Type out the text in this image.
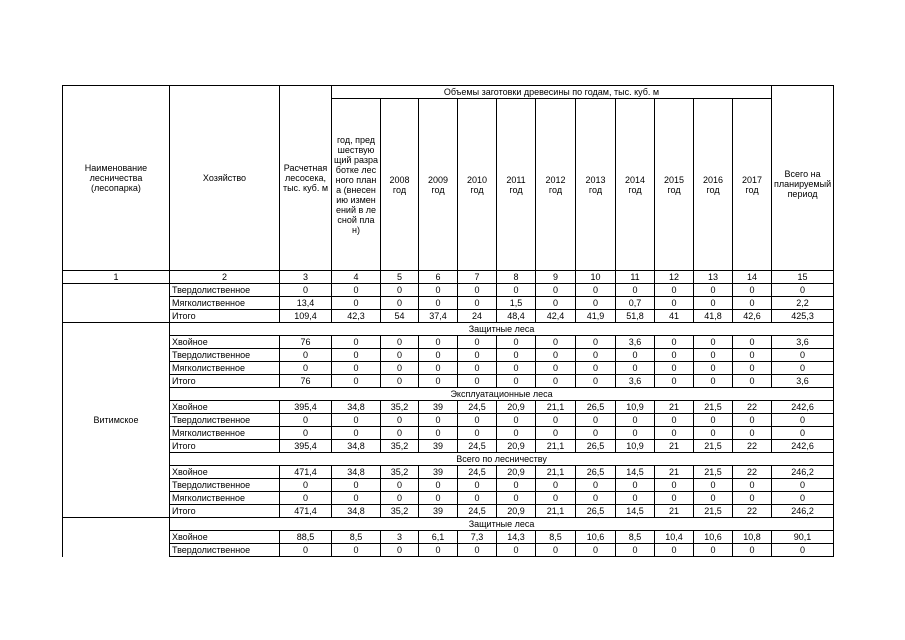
Наименование лесничества (лесопарка)	Хозяйство	Расчетная лесосека, тыс. куб. м	Объемы заготовки древесины по годам, тыс. куб. м											
			год, предшествующий разработке лесного плана (внесению изменений в лесной план)	2008 год	2009 год	2010 год	2011 год	2012 год	2013 год	2014 год	2015 год	2016 год	2017 год	Всего на планируемый период
1	2	3	4	5	6	7	8	9	10	11	12	13	14	15
	Твердолиственное	0	0	0	0	0	0	0	0	0	0	0	0	0
	Мягколиственное	13,4	0	0	0	0	1,5	0	0	0,7	0	0	0	2,2
	Итого	109,4	42,3	54	37,4	24	48,4	42,4	41,9	51,8	41	41,8	42,6	425,3
Витимское	Защитные леса													
	Хвойное	76	0	0	0	0	0	0	0	3,6	0	0	0	3,6
	Твердолиственное	0	0	0	0	0	0	0	0	0	0	0	0	0
	Мягколиственное	0	0	0	0	0	0	0	0	0	0	0	0	0
	Итого	76	0	0	0	0	0	0	0	3,6	0	0	0	3,6
	Эксплуатационные леса													
	Хвойное	395,4	34,8	35,2	39	24,5	20,9	21,1	26,5	10,9	21	21,5	22	242,6
	Твердолиственное	0	0	0	0	0	0	0	0	0	0	0	0	0
	Мягколиственное	0	0	0	0	0	0	0	0	0	0	0	0	0
	Итого	395,4	34,8	35,2	39	24,5	20,9	21,1	26,5	10,9	21	21,5	22	242,6
	Всего по лесничеству													
	Хвойное	471,4	34,8	35,2	39	24,5	20,9	21,1	26,5	14,5	21	21,5	22	246,2
	Твердолиственное	0	0	0	0	0	0	0	0	0	0	0	0	0
	Мягколиственное	0	0	0	0	0	0	0	0	0	0	0	0	0
	Итого	471,4	34,8	35,2	39	24,5	20,9	21,1	26,5	14,5	21	21,5	22	246,2
	Защитные леса													
	Хвойное	88,5	8,5	3	6,1	7,3	14,3	8,5	10,6	8,5	10,4	10,6	10,8	90,1
	Твердолиственное	0	0	0	0	0	0	0	0	0	0	0	0	0
